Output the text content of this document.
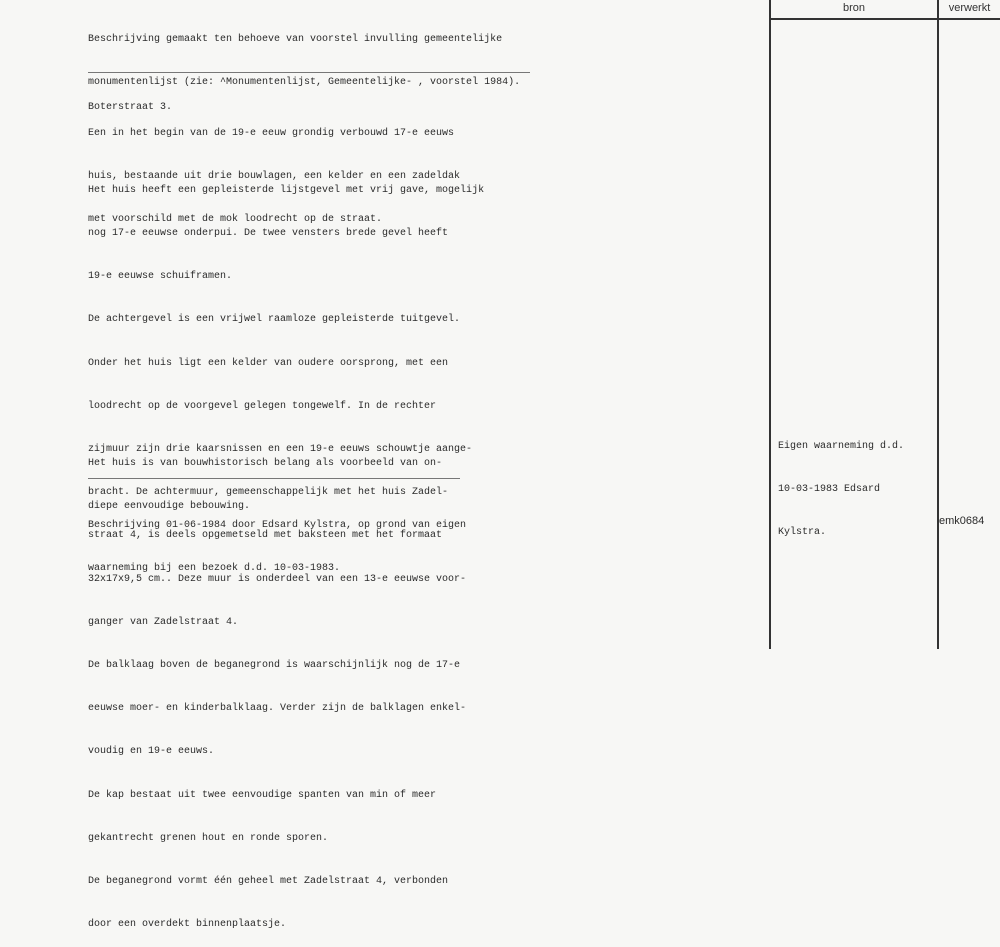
Beschrijving gemaakt ten behoeve van voorstel invulling gemeentelijke

monumentenlijst (zie: ^Monumentenlijst, Gemeentelijke- , voorstel 1984).

Boterstraat 3.

Een in het begin van de 19-e eeuw grondig verbouwd 17-e eeuws

huis, bestaande uit drie bouwlagen, een kelder en een zadeldak

met voorschild met de mok loodrecht op de straat.

Het huis heeft een gepleisterde lijstgevel met vrij gave, mogelijk

nog 17-e eeuwse onderpui. De twee vensters brede gevel heeft

19-e eeuwse schuiframen.

De achtergevel is een vrijwel raamloze gepleisterde tuitgevel.

Onder het huis ligt een kelder van oudere oorsprong, met een

loodrecht op de voorgevel gelegen tongewelf. In de rechter

zijmuur zijn drie kaarsnissen en een 19-e eeuws schouwtje aange-

bracht. De achtermuur, gemeenschappelijk met het huis Zadel-

straat 4, is deels opgemetseld met baksteen met het formaat

32x17x9,5 cm.. Deze muur is onderdeel van een 13-e eeuwse voor-

ganger van Zadelstraat 4.

De balklaag boven de beganegrond is waarschijnlijk nog de 17-e

eeuwse moer- en kinderbalklaag. Verder zijn de balklagen enkel-

voudig en 19-e eeuws.

De kap bestaat uit twee eenvoudige spanten van min of meer

gekantrecht grenen hout en ronde sporen.

De beganegrond vormt één geheel met Zadelstraat 4, verbonden

door een overdekt binnenplaatsje.

Het huis is van bouwhistorisch belang als voorbeeld van on-

diepe eenvoudige bebouwing.

Beschrijving 01-06-1984 door Edsard Kylstra, op grond van eigen

waarneming bij een bezoek d.d. 10-03-1983.

bron	verwerkt

Eigen waarneming d.d.

10-03-1983 Edsard

Kylstra.

emk0684
